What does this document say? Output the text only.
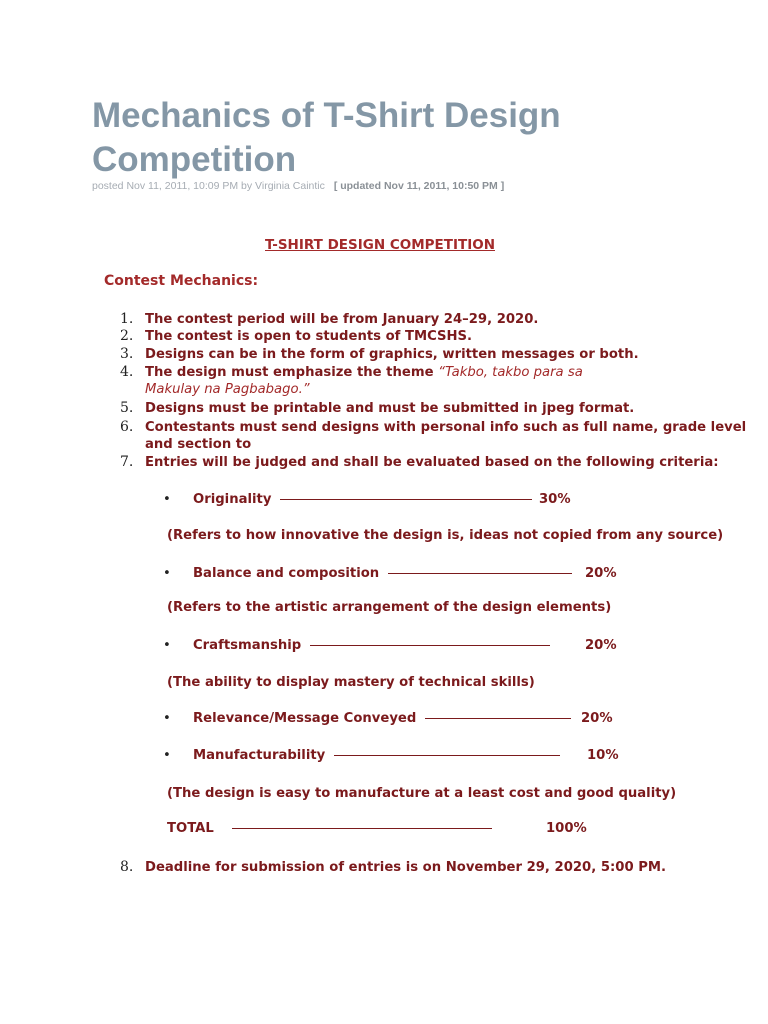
Mechanics of T-Shirt Design Competition
posted Nov 11, 2011, 10:09 PM by Virginia Caintic [ updated Nov 11, 2011, 10:50 PM ]
T-SHIRT DESIGN COMPETITION
Contest Mechanics:
1. The contest period will be from January 24–29, 2020.
2. The contest is open to students of TMCSHS.
3. Designs can be in the form of graphics, written messages or both.
4. The design must emphasize the theme “Takbo, takbo para sa Makulay na Pagbabago.”
5. Designs must be printable and must be submitted in jpeg format.
6. Contestants must send designs with personal info such as full name, grade level and section to
7. Entries will be judged and shall be evaluated based on the following criteria:
• Originality	30%
(Refers to how innovative the design is, ideas not copied from any source)
• Balance and composition	20%
(Refers to the artistic arrangement of the design elements)
• Craftsmanship	20%
(The ability to display mastery of technical skills)
• Relevance/Message Conveyed	20%
• Manufacturability	10%
(The design is easy to manufacture at a least cost and good quality)
TOTAL	100%
8. Deadline for submission of entries is on November 29, 2020, 5:00 PM.
